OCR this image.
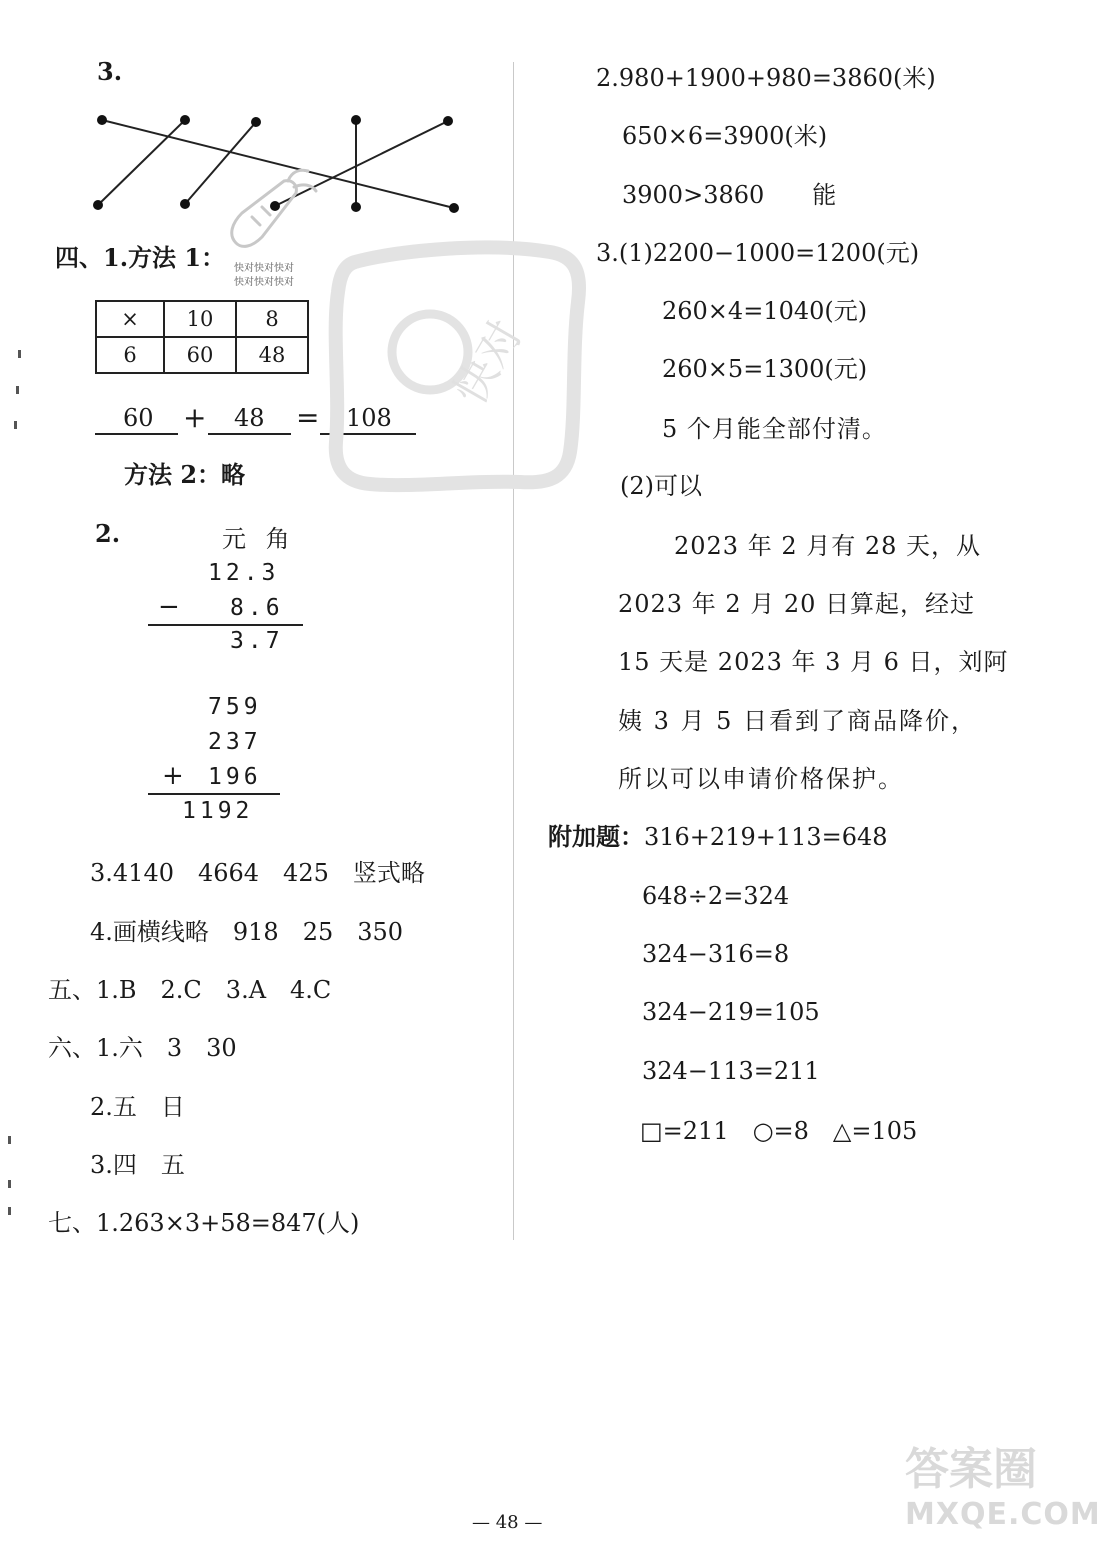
3.
快对快对快对
快对快对快对
四、1.方法 1：
×	10	8
6	60	48
60 + 48 = 108
方法 2：略
2.	元 角
12.3
− 8.6
3.7
759
237
+ 196
1192
3.4140　4664　425　竖式略
4.画横线略　918　25　350
五、1.B　2.C　3.A　4.C
六、1.六　3　30
2.五　日
3.四　五
七、1.263×3+58=847(人)
快对
2.980+1900+980=3860(米)
650×6=3900(米)
3900>3860　　能
3.(1)2200−1000=1200(元)
260×4=1040(元)
260×5=1300(元)
5 个月能全部付清。
(2)可以
2023 年 2 月有 28 天，从
2023 年 2 月 20 日算起，经过
15 天是 2023 年 3 月 6 日，刘阿
姨 3 月 5 日看到了商品降价，
所以可以申请价格保护。
附加题： 316+219+113=648
648÷2=324
324−316=8
324−219=105
324−113=211
□=211　○=8　△=105
答案圈
MXQE.COM
— 48 —
